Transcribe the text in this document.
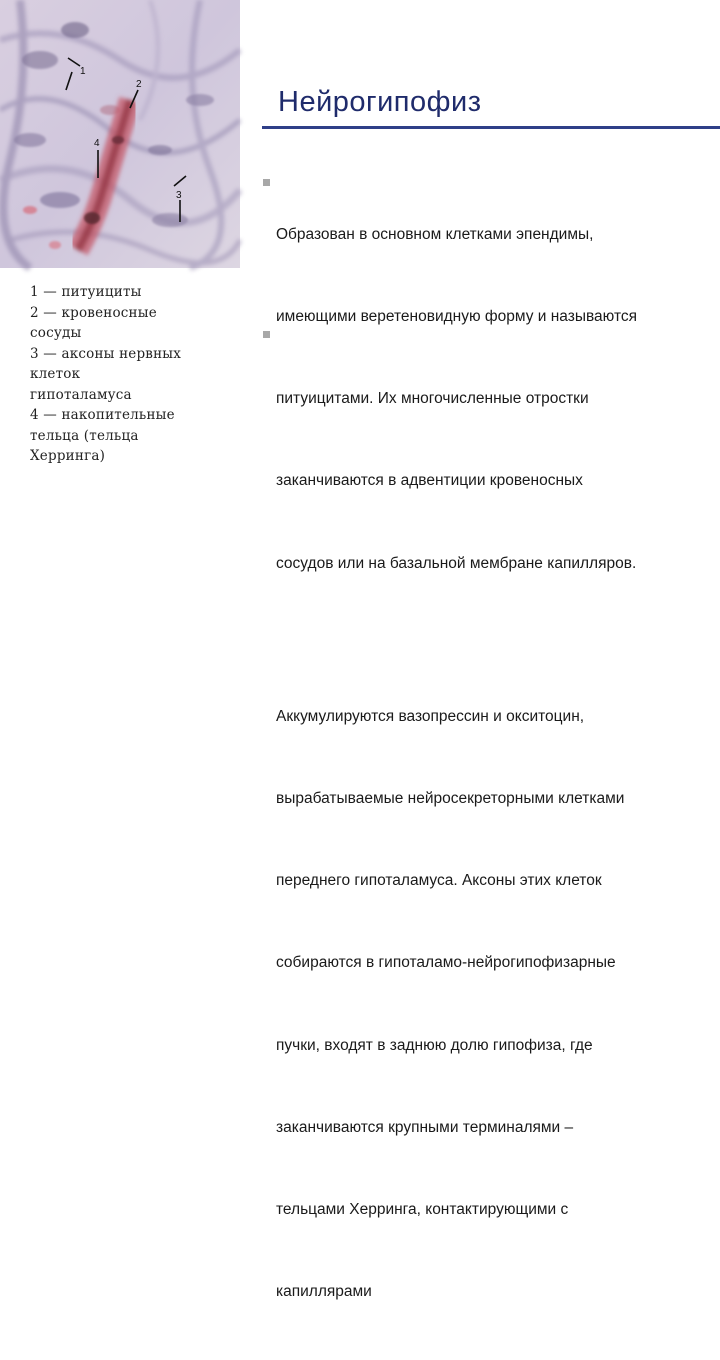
1
2
3
4
1 — питуициты
2 — кровеносные
сосуды
3 — аксоны нервных
клеток
гипоталамуса
4 — накопительные
тельца (тельца
Херринга)
Нейрогипофиз

Образован в основном клетками эпендимы,

имеющими веретеновидную форму и называются

питуицитами. Их многочисленные отростки

заканчиваются в адвентиции кровеносных

сосудов или на базальной мембране капилляров.

Аккумулируются вазопрессин и окситоцин,

вырабатываемые нейросекреторными клетками

переднего гипоталамуса. Аксоны этих клеток

собираются в гипоталамо-нейрогипофизарные

пучки, входят в заднюю долю гипофиза, где

заканчиваются крупными терминалями –

тельцами Херринга, контактирующими с

капиллярами
